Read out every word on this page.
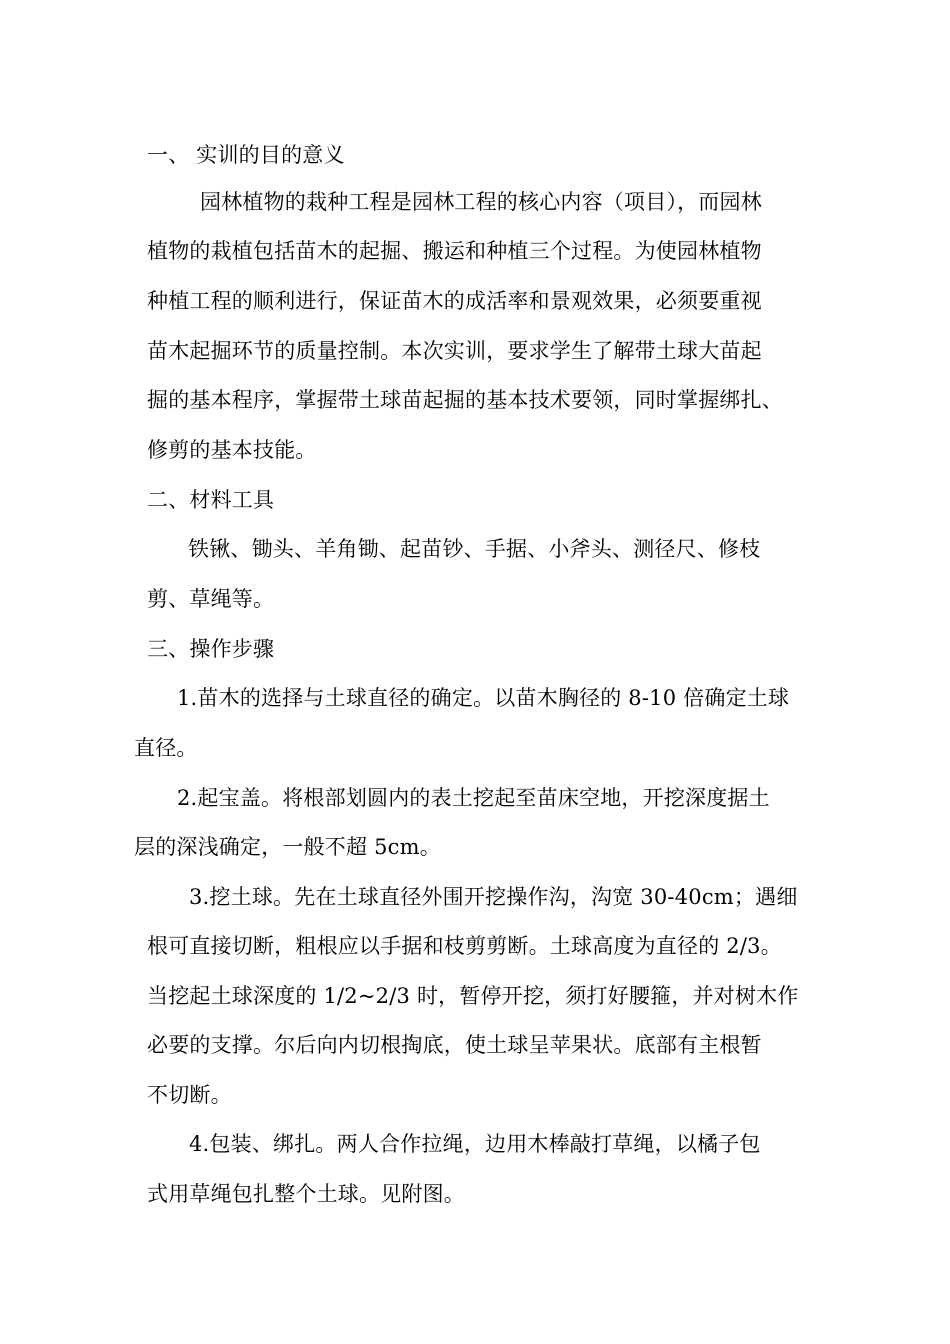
一、 实训的目的意义
园林植物的栽种工程是园林工程的核心内容（项目），而园林
植物的栽植包括苗木的起掘、搬运和种植三个过程。为使园林植物
种植工程的顺利进行，保证苗木的成活率和景观效果，必须要重视
苗木起掘环节的质量控制。本次实训，要求学生了解带土球大苗起
掘的基本程序，掌握带土球苗起掘的基本技术要领，同时掌握绑扎、
修剪的基本技能。
二、材料工具
铁锹、锄头、羊角锄、起苗钞、手据、小斧头、测径尺、修枝
剪、草绳等。
三、操作步骤
1.苗木的选择与土球直径的确定。以苗木胸径的 8-10 倍确定土球
直径。
2.起宝盖。将根部划圆内的表土挖起至苗床空地，开挖深度据土
层的深浅确定，一般不超 5cm。
3.挖土球。先在土球直径外围开挖操作沟，沟宽 30-40cm；遇细
根可直接切断，粗根应以手据和枝剪剪断。土球高度为直径的 2/3。
当挖起土球深度的 1/2~2/3 时，暂停开挖，须打好腰箍，并对树木作
必要的支撑。尔后向内切根掏底，使土球呈苹果状。底部有主根暂
不切断。
4.包装、绑扎。两人合作拉绳，边用木棒敲打草绳，以橘子包
式用草绳包扎整个土球。见附图。
